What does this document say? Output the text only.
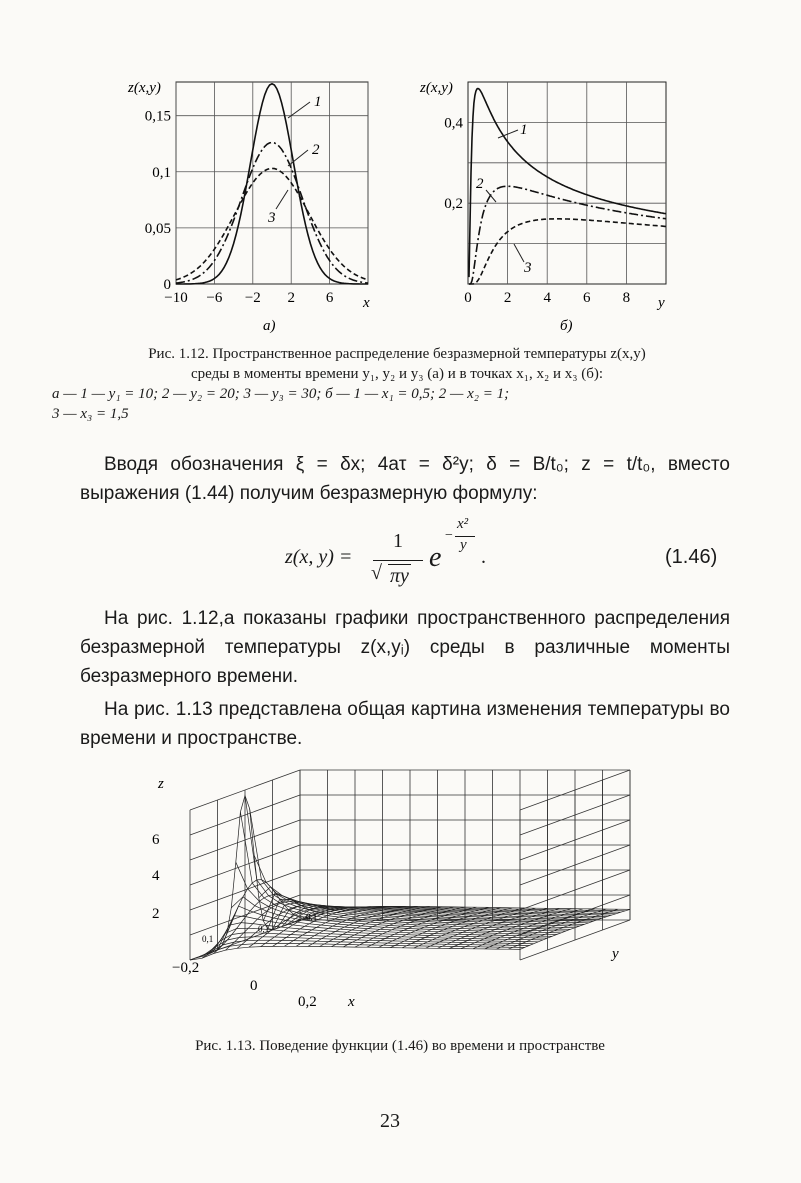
z(x,y)
−10 −6 −2 2 6
0
0,05
0,1
0,15
x
а)
1
2
3
z(x,y)
0 2 4 6 8
0,2
0,4
y
б)
1
2
3
Рис. 1.12. Пространственное распределение безразмерной температуры z(x,y)
среды в моменты времени y₁, y₂ и y₃ (а) и в точках x₁, x₂ и x₃ (б):
а — 1 — y₁ = 10; 2 — y₂ = 20; 3 — y₃ = 30; б — 1 — x₁ = 0,5; 2 — x₂ = 1;
3 — x₃ = 1,5

Вводя обозначения ξ = δx; 4aτ = δ²y; δ = B/t₀; z = t/t₀, вместо выражения (1.44) получим безразмерную формулу:

z(x, y) =
1
√ πy
e
−
x²
y
.	(1.46)

На рис. 1.12,а показаны графики пространственного распределения безразмерной температуры z(x,yᵢ) среды в различные моменты безразмерного времени.

На рис. 1.13 представлена общая картина изменения температуры во времени и пространстве.

z
6
4
2
y
−0,2
0
0,2 x
0,1
0,1
0,1
Рис. 1.13. Поведение функции (1.46) во времени и пространстве
23
